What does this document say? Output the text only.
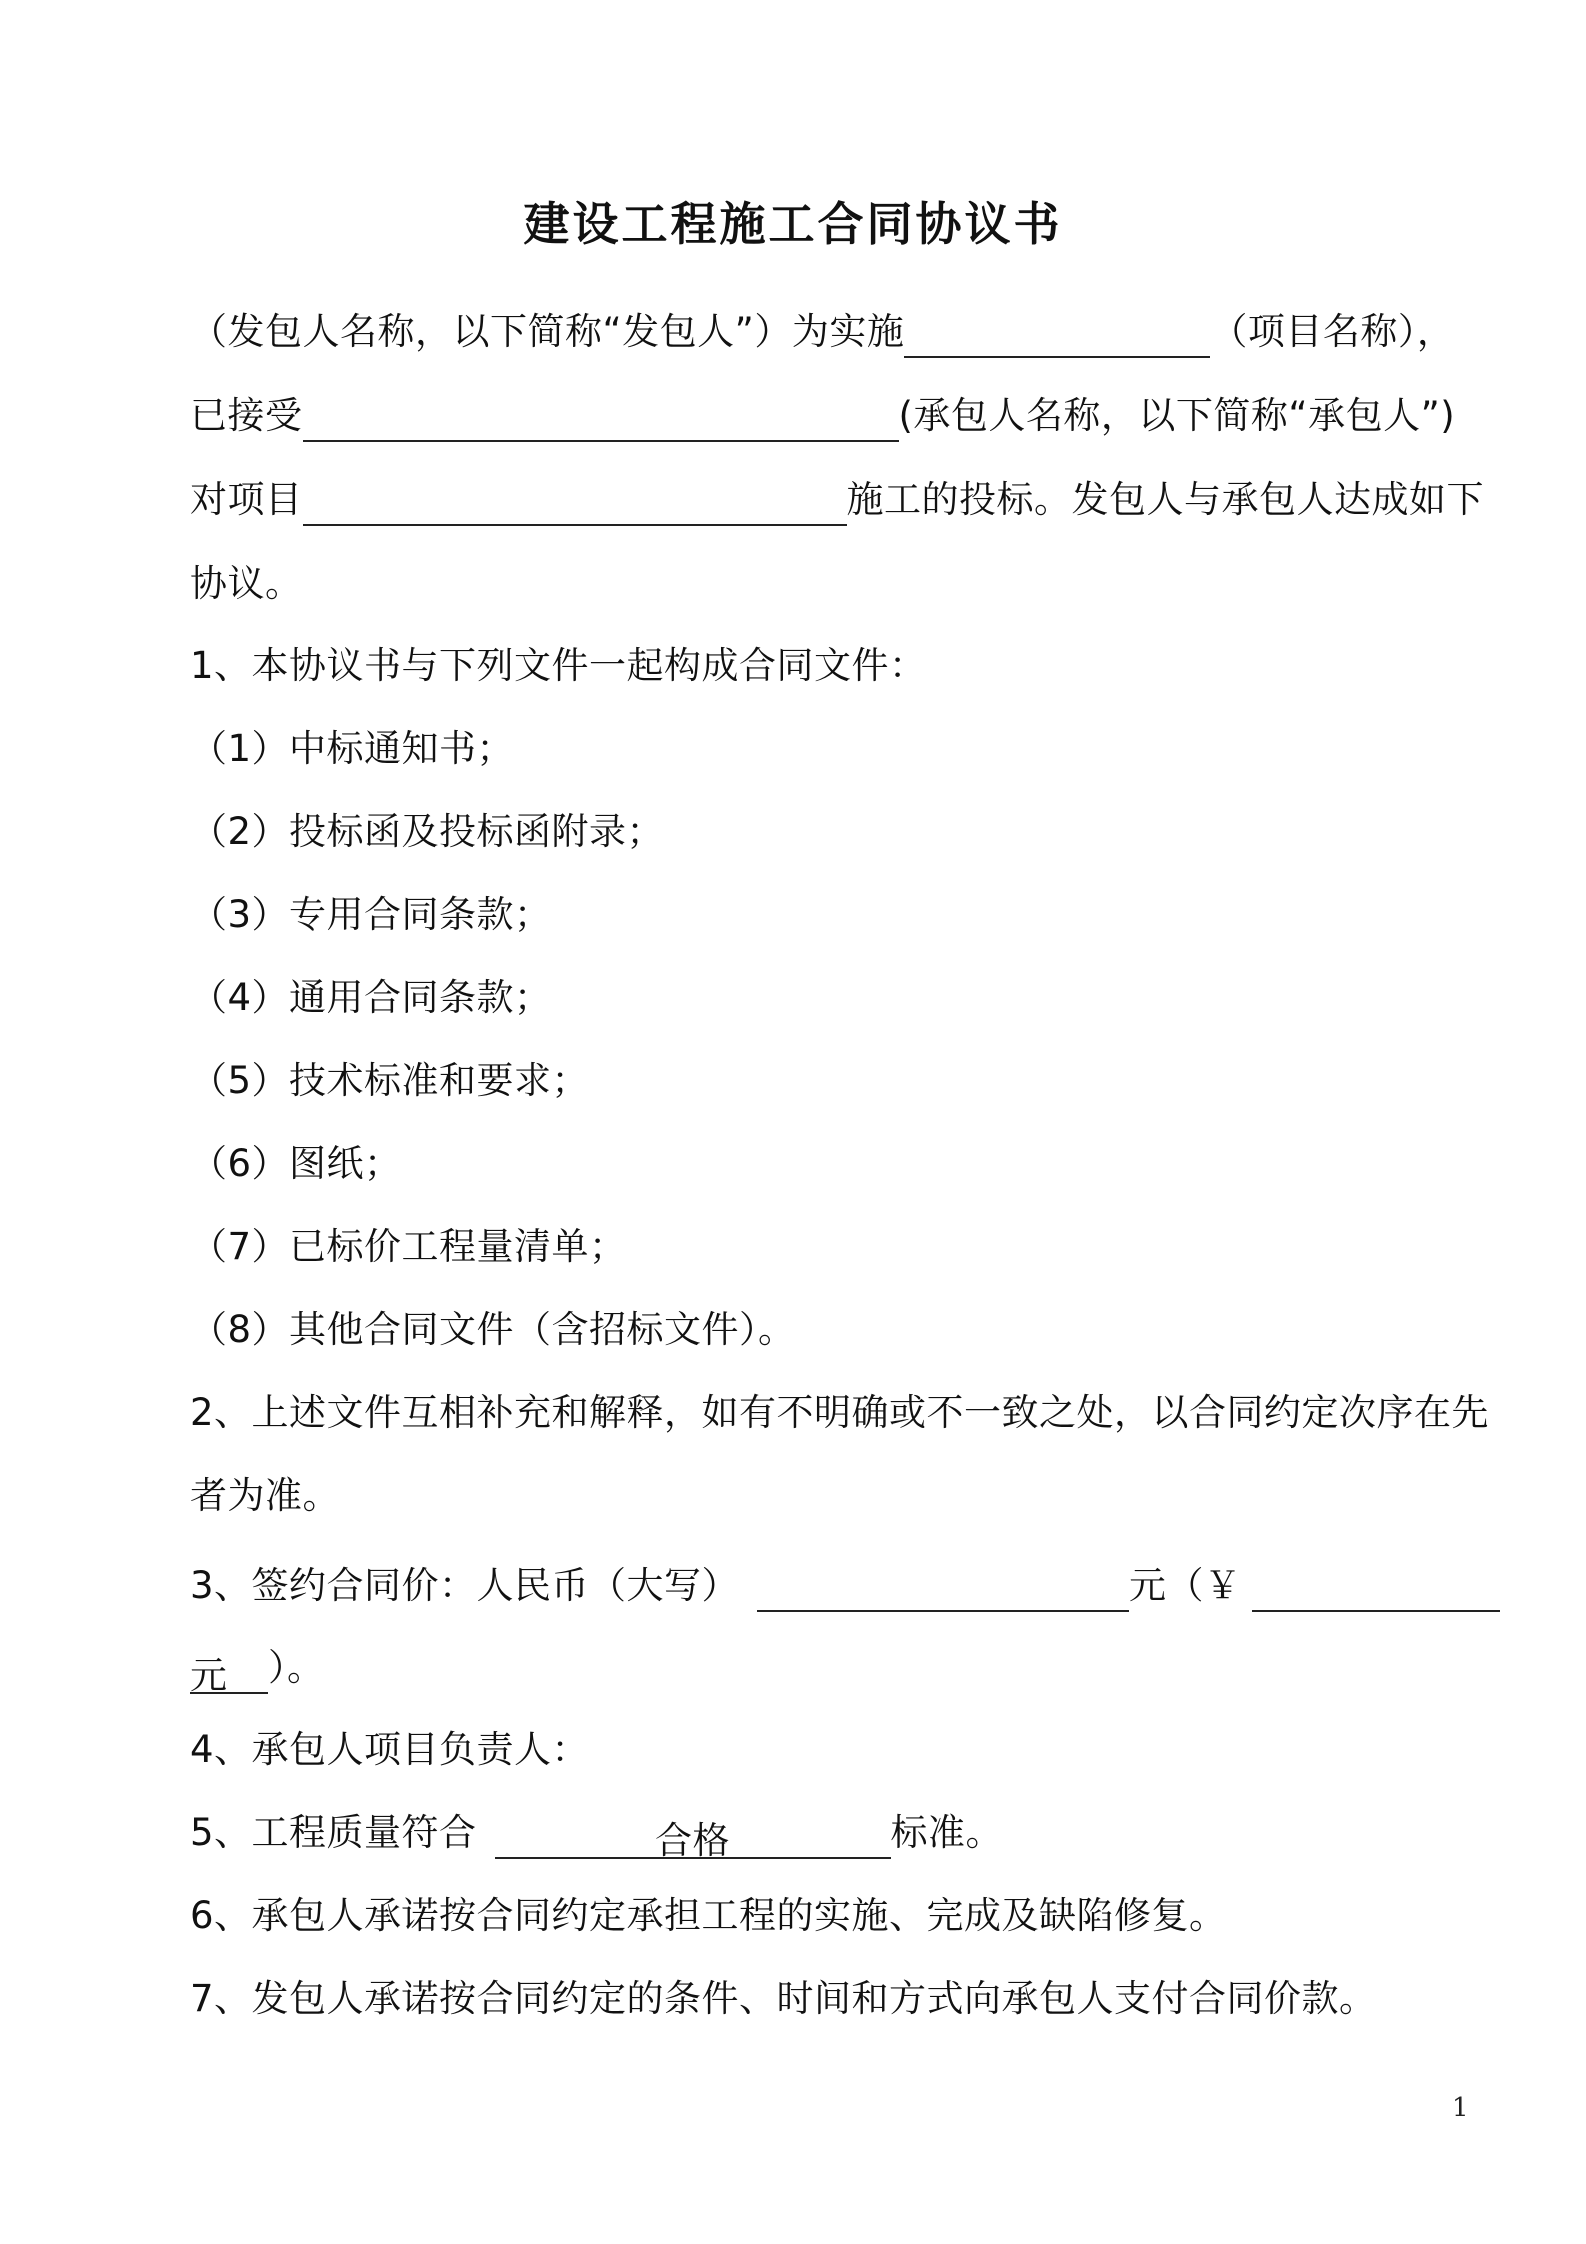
建设工程施工合同协议书
（发包人名称，以下简称“发包人”）为实施	（项目名称），
已接受	(承包人名称，以下简称“承包人”)
对项目	施工的投标。发包人与承包人达成如下
协议。
1、本协议书与下列文件一起构成合同文件：
（1）中标通知书；
（2）投标函及投标函附录；
（3）专用合同条款；
（4）通用合同条款；
（5）技术标准和要求；
（6）图纸；
（7）已标价工程量清单；
（8）其他合同文件（含招标文件）。
2、上述文件互相补充和解释，如有不明确或不一致之处，以合同约定次序在先
者为准。
3、签约合同价：人民币（大写）	元（￥
元 ）。
4、承包人项目负责人：
5、工程质量符合	合格	标准。
6、承包人承诺按合同约定承担工程的实施、完成及缺陷修复。
7、发包人承诺按合同约定的条件、时间和方式向承包人支付合同价款。
1
